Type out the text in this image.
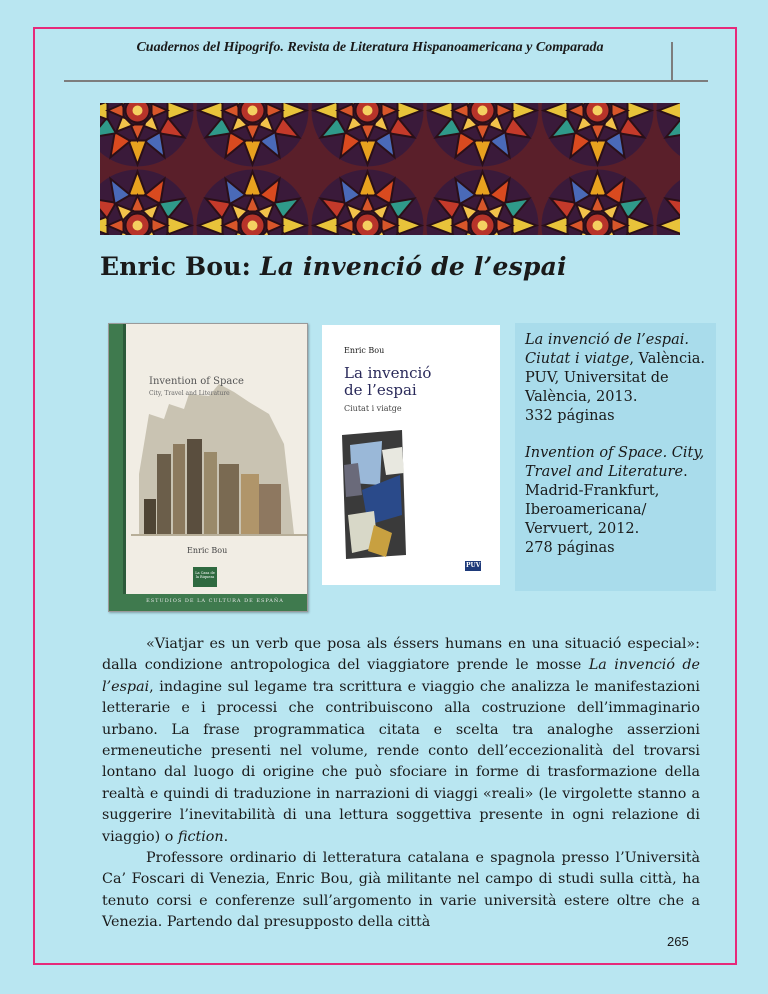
Cuadernos del Hipogrifo. Revista de Literatura Hispanoamericana y Comparada
Enric Bou: La invenció de l’espai
Invention of Space
City, Travel and Literature
Enric Bou
La Casa de la Riqueza
ESTUDIOS DE LA CULTURA DE ESPAÑA
Enric Bou
La invenció
de l’espai
Ciutat i viatge
PUV

La invenció de l’espai. Ciutat i viatge, València. PUV, Universitat de València, 2013.
332 páginas

Invention of Space. City, Travel and Literature. Madrid-Frankfurt, Iberoamericana/ Vervuert, 2012.
278 páginas

«Viatjar es un verb que posa als éssers humans en una situació especial»: dalla condizione antropologica del viaggiatore prende le mosse La invenció de l’espai, indagine sul legame tra scrittura e viaggio che analizza le manifestazioni letterarie e i processi che contribuiscono alla costruzione dell’immaginario urbano. La frase programmatica citata e scelta tra analoghe asserzioni ermeneutiche presenti nel volume, rende conto dell’eccezionalità del trovarsi lontano dal luogo di origine che può sfociare in forme di trasformazione della realtà e quindi di traduzione in narrazioni di viaggi «reali» (le virgolette stanno a suggerire l’inevitabilità di una lettura soggettiva presente in ogni relazione di viaggio) o fiction.

Professore ordinario di letteratura catalana e spagnola presso l’Università Ca’ Foscari di Venezia, Enric Bou, già militante nel campo di studi sulla città, ha tenuto corsi e conferenze sull’argomento in varie università estere oltre che a Venezia. Partendo dal presupposto della città

265
